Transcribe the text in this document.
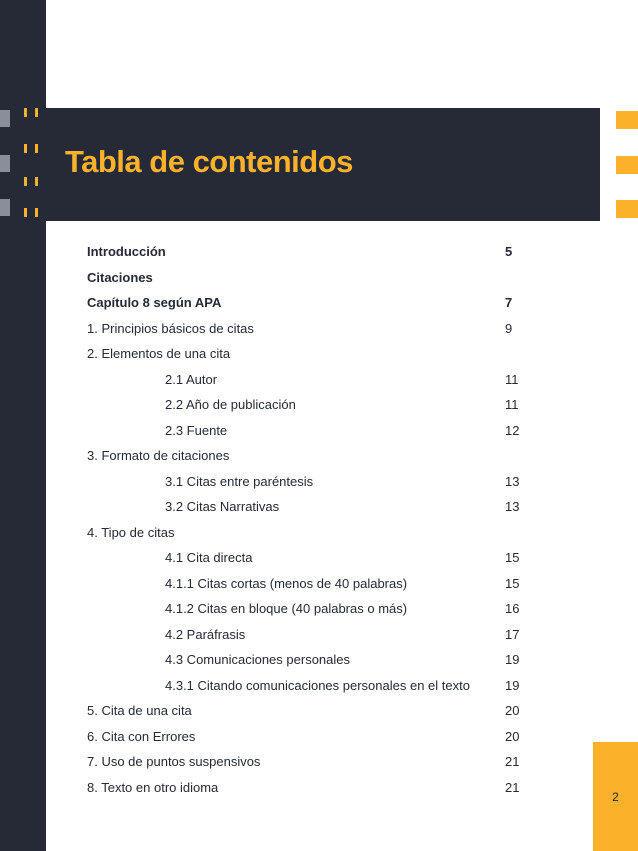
Tabla de contenidos
Introducción	5
Citaciones
Capítulo 8 según APA	7
1. Principios básicos de citas	9
2. Elementos de una cita
2.1 Autor	11
2.2 Año de publicación	11
2.3 Fuente	12
3. Formato de citaciones
3.1 Citas entre paréntesis	13
3.2 Citas Narrativas	13
4. Tipo de citas
4.1 Cita directa	15
4.1.1 Citas cortas (menos de 40 palabras)	15
4.1.2 Citas en bloque (40 palabras o más)	16
4.2 Paráfrasis	17
4.3 Comunicaciones personales	19
4.3.1 Citando comunicaciones personales en el texto	19
5. Cita de una cita	20
6. Cita con Errores	20
7. Uso de puntos suspensivos	21
8. Texto en otro idioma	21
2
